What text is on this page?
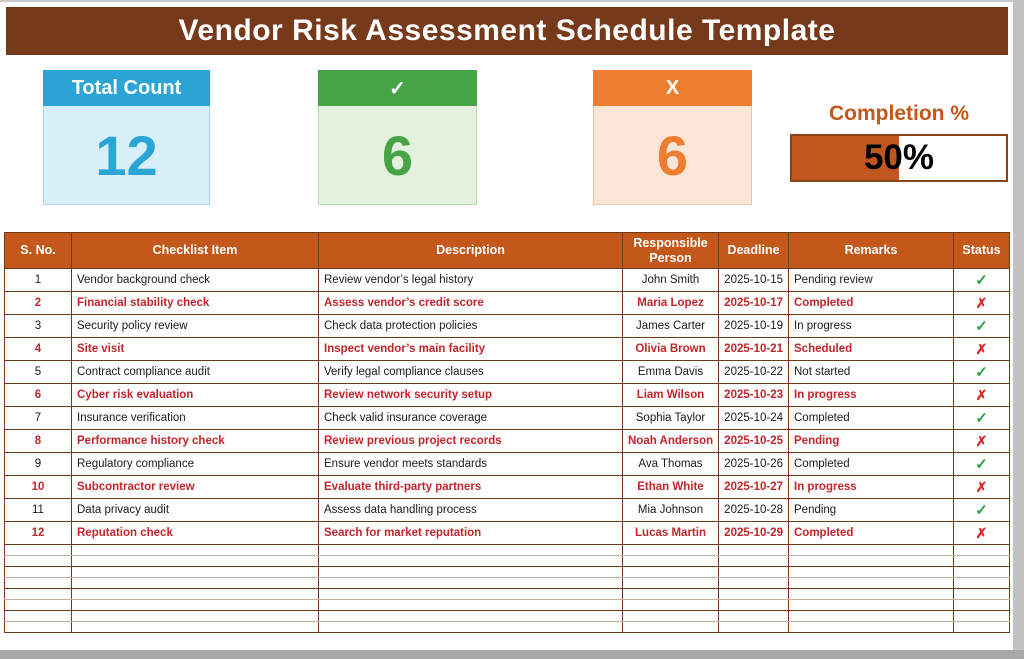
Vendor Risk Assessment Schedule Template
Total Count
12
✓
6
X
6
Completion %
50%
S. No.	Checklist Item	Description	Responsible Person	Deadline	Remarks	Status
1	Vendor background check	Review vendor’s legal history	John Smith	2025-10-15	Pending review	✓
2	Financial stability check	Assess vendor’s credit score	Maria Lopez	2025-10-17	Completed	✗
3	Security policy review	Check data protection policies	James Carter	2025-10-19	In progress	✓
4	Site visit	Inspect vendor’s main facility	Olivia Brown	2025-10-21	Scheduled	✗
5	Contract compliance audit	Verify legal compliance clauses	Emma Davis	2025-10-22	Not started	✓
6	Cyber risk evaluation	Review network security setup	Liam Wilson	2025-10-23	In progress	✗
7	Insurance verification	Check valid insurance coverage	Sophia Taylor	2025-10-24	Completed	✓
8	Performance history check	Review previous project records	Noah Anderson	2025-10-25	Pending	✗
9	Regulatory compliance	Ensure vendor meets standards	Ava Thomas	2025-10-26	Completed	✓
10	Subcontractor review	Evaluate third-party partners	Ethan White	2025-10-27	In progress	✗
11	Data privacy audit	Assess data handling process	Mia Johnson	2025-10-28	Pending	✓
12	Reputation check	Search for market reputation	Lucas Martin	2025-10-29	Completed	✗
